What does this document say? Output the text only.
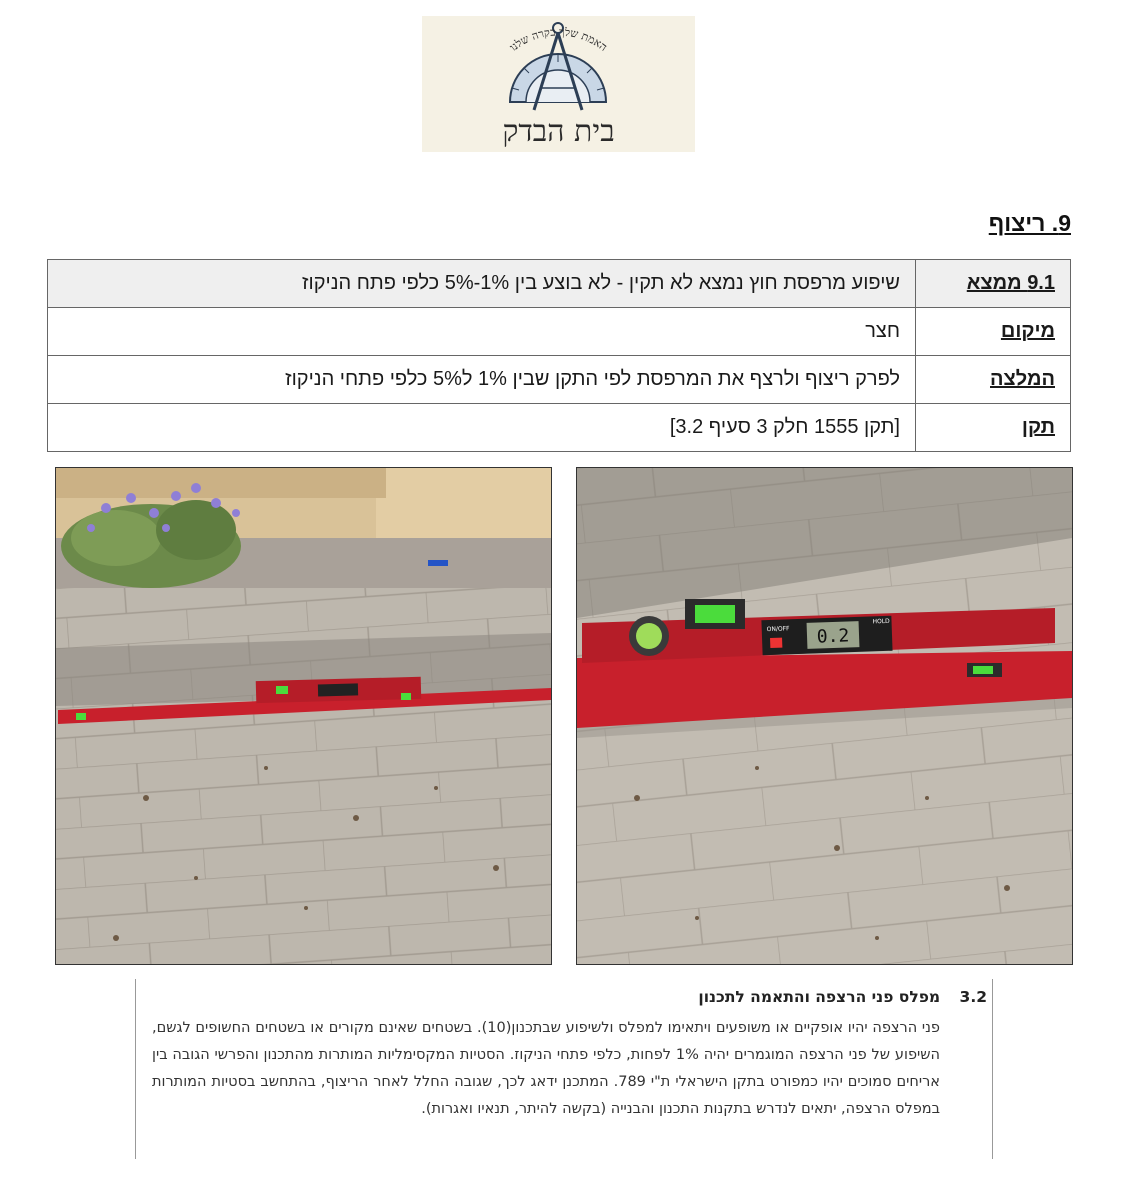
האמת שלך בקרה שלנו
בית הבדק
9. ריצוף
9.1 ממצא	שיפוע מרפסת חוץ נמצא לא תקין - לא בוצע בין 1%-5% כלפי פתח הניקוז
מיקום	חצר
המלצה	לפרק ריצוף ולרצף את המרפסת לפי התקן שבין 1% ל5% כלפי פתחי הניקוז
תקן	[תקן 1555 חלק 3 סעיף 3.2]
0.2
ON/OFF
HOLD
3.2 מפלס פני הרצפה והתאמה לתכנון
פני הרצפה יהיו אופקיים או משופעים ויתאימו למפלס ולשיפוע שבתכנון(10). בשטחים שאינם מקורים או בשטחים החשופים לגשם, השיפוע של פני הרצפה המוגמרים יהיה 1% לפחות, כלפי פתחי הניקוז. הסטיות המקסימליות המותרות מהתכנון והפרשי הגובה בין אריחים סמוכים יהיו כמפורט בתקן הישראלי ת"י 789. המתכנן ידאג לכך, שגובה החלל לאחר הריצוף, בהתחשב בסטיות המותרות במפלס הרצפה, יתאים לנדרש בתקנות התכנון והבנייה (בקשה להיתר, תנאיו ואגרות).
